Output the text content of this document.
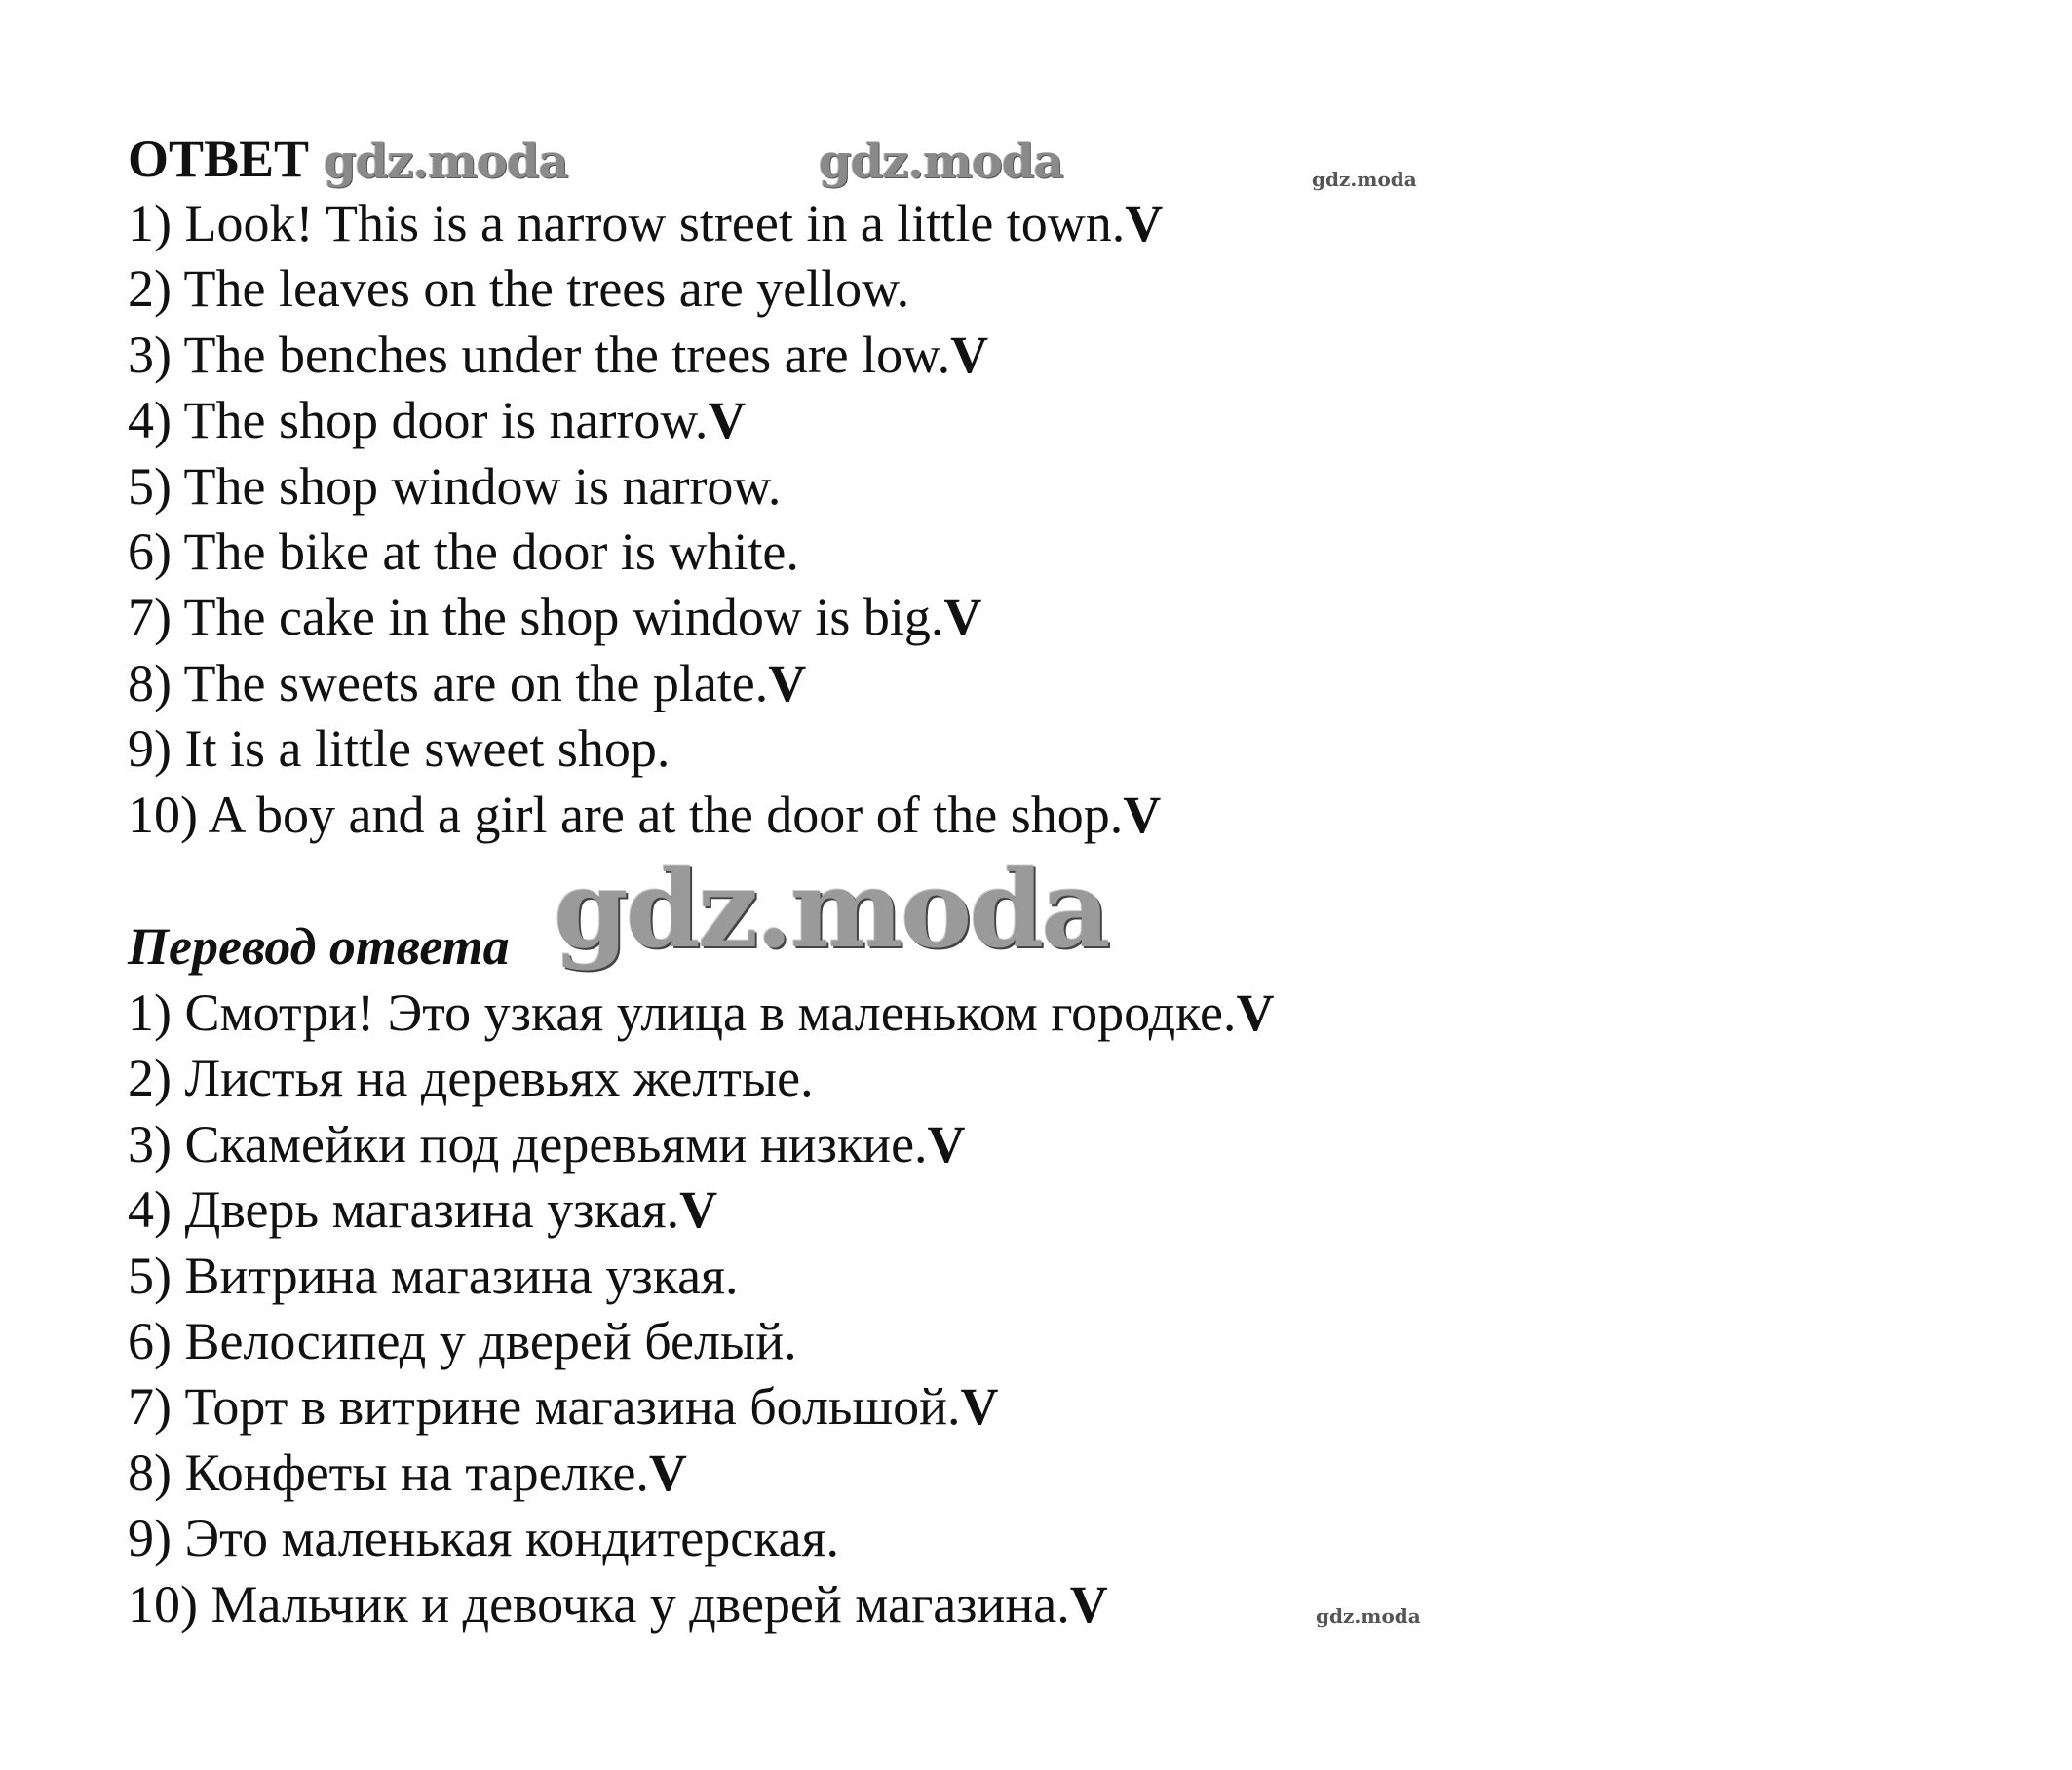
ОТВЕТ gdz.moda	gdz.moda	gdz.moda
1) Look! This is a narrow street in a little town.V
2) The leaves on the trees are yellow.
3) The benches under the trees are low.V
4) The shop door is narrow.V
5) The shop window is narrow.
6) The bike at the door is white.
7) The cake in the shop window is big.V
8) The sweets are on the plate.V
9) It is a little sweet shop.
10) A boy and a girl are at the door of the shop.V
gdz.moda
Перевод ответа
1) Смотри! Это узкая улица в маленьком городке.V
2) Листья на деревьях желтые.
3) Скамейки под деревьями низкие.V
4) Дверь магазина узкая.V
5) Витрина магазина узкая.
6) Велосипед у дверей белый.
7) Торт в витрине магазина большой.V
8) Конфеты на тарелке.V
9) Это маленькая кондитерская.
10) Мальчик и девочка у дверей магазина.V	gdz.moda
